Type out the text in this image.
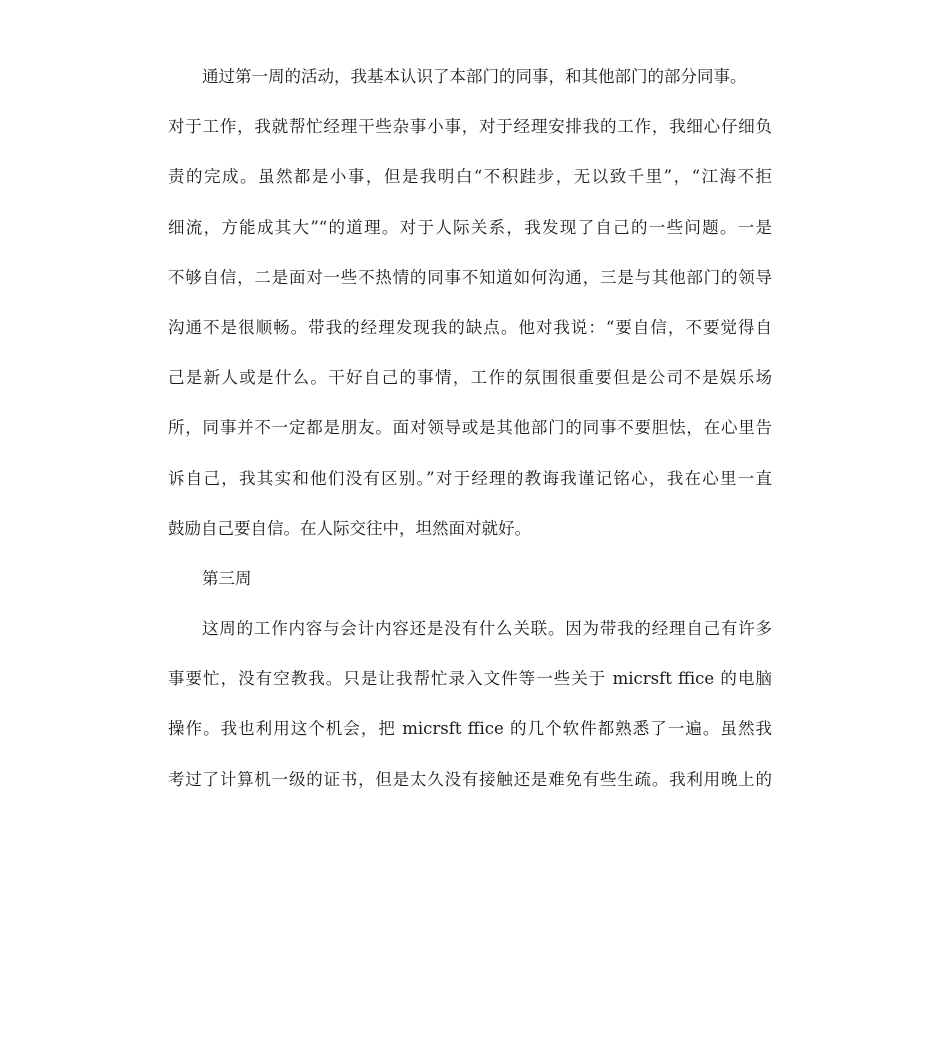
通过第一周的活动，我基本认识了本部门的同事，和其他部门的部分同事。
对于工作，我就帮忙经理干些杂事小事，对于经理安排我的工作，我细心仔细负
责的完成。虽然都是小事，但是我明白“不积跬步，无以致千里”，“江海不拒
细流，方能成其大”“的道理。对于人际关系，我发现了自己的一些问题。一是
不够自信，二是面对一些不热情的同事不知道如何沟通，三是与其他部门的领导
沟通不是很顺畅。带我的经理发现我的缺点。他对我说：“要自信，不要觉得自
己是新人或是什么。干好自己的事情，工作的氛围很重要但是公司不是娱乐场
所，同事并不一定都是朋友。面对领导或是其他部门的同事不要胆怯，在心里告
诉自己，我其实和他们没有区别。”对于经理的教诲我谨记铭心，我在心里一直
鼓励自己要自信。在人际交往中，坦然面对就好。
第三周
这周的工作内容与会计内容还是没有什么关联。因为带我的经理自己有许多
事要忙，没有空教我。只是让我帮忙录入文件等一些关于 micrsft ffice 的电脑
操作。我也利用这个机会，把 micrsft ffice 的几个软件都熟悉了一遍。虽然我
考过了计算机一级的证书，但是太久没有接触还是难免有些生疏。我利用晚上的
